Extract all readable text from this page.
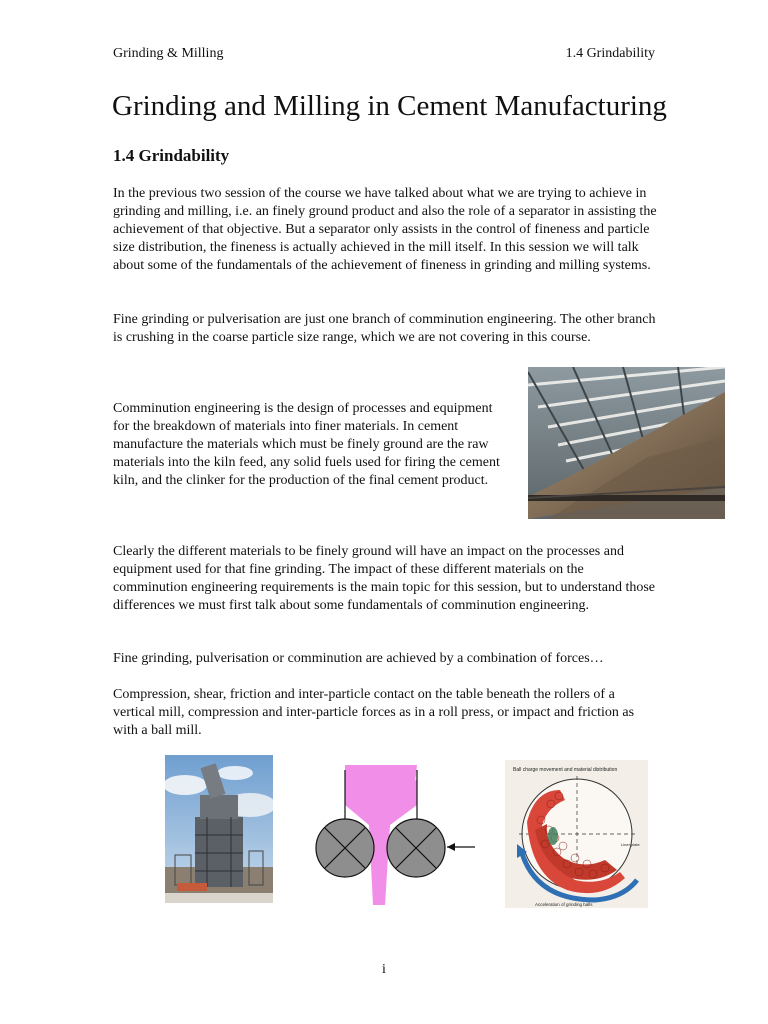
Grinding & Milling	1.4 Grindability
Grinding and Milling in Cement Manufacturing
1.4 Grindability

In the previous two session of the course we have talked about what we are trying to achieve in grinding and milling, i.e. an finely ground product and also the role of a separator in assisting the achievement of that objective. But a separator only assists in the control of fineness and particle size distribution, the fineness is actually achieved in the mill itself. In this session we will talk about some of the fundamentals of the achievement of fineness in grinding and milling systems.

Fine grinding or pulverisation are just one branch of comminution engineering. The other branch is crushing in the coarse particle size range, which we are not covering in this course.

Comminution engineering is the design of processes and equipment for the breakdown of materials into finer materials. In cement manufacture the materials which must be finely ground are the raw materials into the kiln feed, any solid fuels used for firing the cement kiln, and the clinker for the production of the final cement product.

Clearly the different materials to be finely ground will have an impact on the processes and equipment used for that fine grinding. The impact of these different materials on the comminution engineering requirements is the main topic for this session, but to understand those differences we must first talk about some fundamentals of comminution engineering.

Fine grinding, pulverisation or comminution are achieved by a combination of forces…

Compression, shear, friction and inter-particle contact on the table beneath the rollers of a vertical mill, compression and inter-particle forces as in a roll press, or impact and friction as with a ball mill.

Ball charge movement and material distribution
Liner plate
Acceleration of grinding balls
i
